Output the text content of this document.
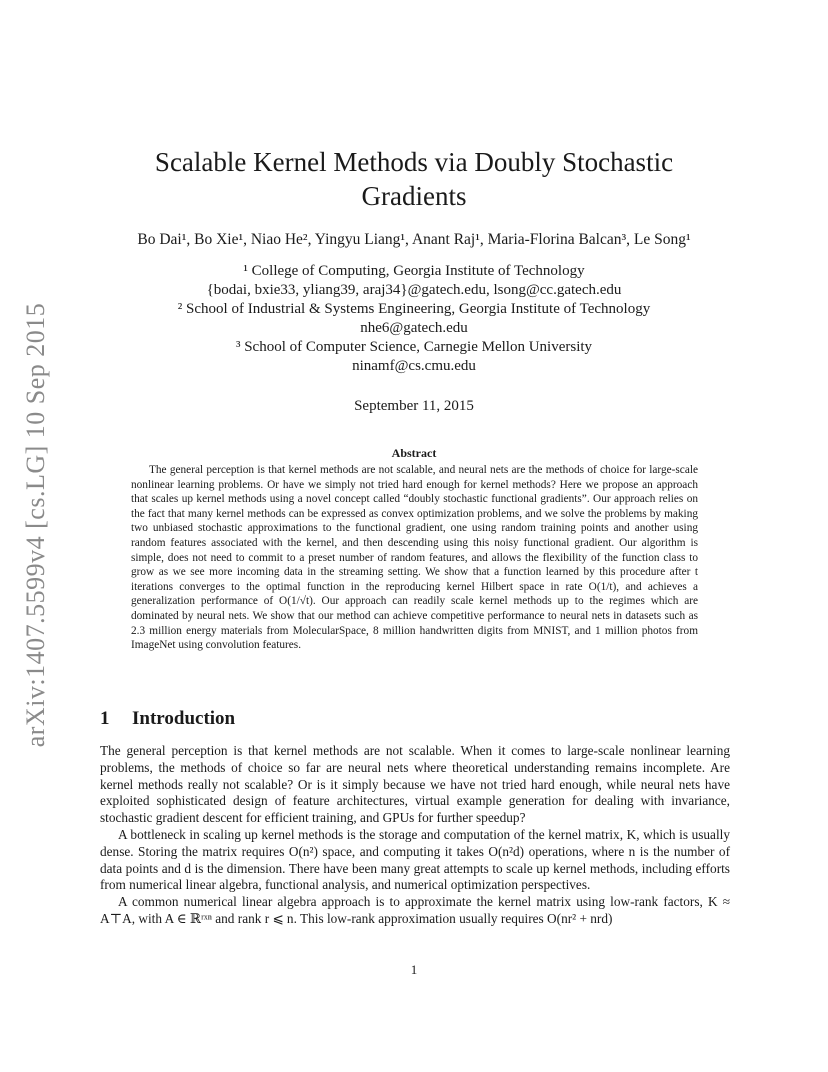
arXiv:1407.5599v4 [cs.LG] 10 Sep 2015
Scalable Kernel Methods via Doubly Stochastic Gradients
Bo Dai¹, Bo Xie¹, Niao He², Yingyu Liang¹, Anant Raj¹, Maria-Florina Balcan³, Le Song¹
¹ College of Computing, Georgia Institute of Technology
{bodai, bxie33, yliang39, araj34}@gatech.edu, lsong@cc.gatech.edu
² School of Industrial & Systems Engineering, Georgia Institute of Technology
nhe6@gatech.edu
³ School of Computer Science, Carnegie Mellon University
ninamf@cs.cmu.edu
September 11, 2015
Abstract
The general perception is that kernel methods are not scalable, and neural nets are the methods of choice for large-scale nonlinear learning problems. Or have we simply not tried hard enough for kernel methods? Here we propose an approach that scales up kernel methods using a novel concept called “doubly stochastic functional gradients”. Our approach relies on the fact that many kernel methods can be expressed as convex optimization problems, and we solve the problems by making two unbiased stochastic approximations to the functional gradient, one using random training points and another using random features associated with the kernel, and then descending using this noisy functional gradient. Our algorithm is simple, does not need to commit to a preset number of random features, and allows the flexibility of the function class to grow as we see more incoming data in the streaming setting. We show that a function learned by this procedure after t iterations converges to the optimal function in the reproducing kernel Hilbert space in rate O(1/t), and achieves a generalization performance of O(1/√t). Our approach can readily scale kernel methods up to the regimes which are dominated by neural nets. We show that our method can achieve competitive performance to neural nets in datasets such as 2.3 million energy materials from MolecularSpace, 8 million handwritten digits from MNIST, and 1 million photos from ImageNet using convolution features.
1 Introduction

The general perception is that kernel methods are not scalable. When it comes to large-scale nonlinear learning problems, the methods of choice so far are neural nets where theoretical understanding remains incomplete. Are kernel methods really not scalable? Or is it simply because we have not tried hard enough, while neural nets have exploited sophisticated design of feature architectures, virtual example generation for dealing with invariance, stochastic gradient descent for efficient training, and GPUs for further speedup?

A bottleneck in scaling up kernel methods is the storage and computation of the kernel matrix, K, which is usually dense. Storing the matrix requires O(n²) space, and computing it takes O(n²d) operations, where n is the number of data points and d is the dimension. There have been many great attempts to scale up kernel methods, including efforts from numerical linear algebra, functional analysis, and numerical optimization perspectives.

A common numerical linear algebra approach is to approximate the kernel matrix using low-rank factors, K ≈ A⊤A, with A ∈ ℝʳˣⁿ and rank r ⩽ n. This low-rank approximation usually requires O(nr² + nrd)

1
